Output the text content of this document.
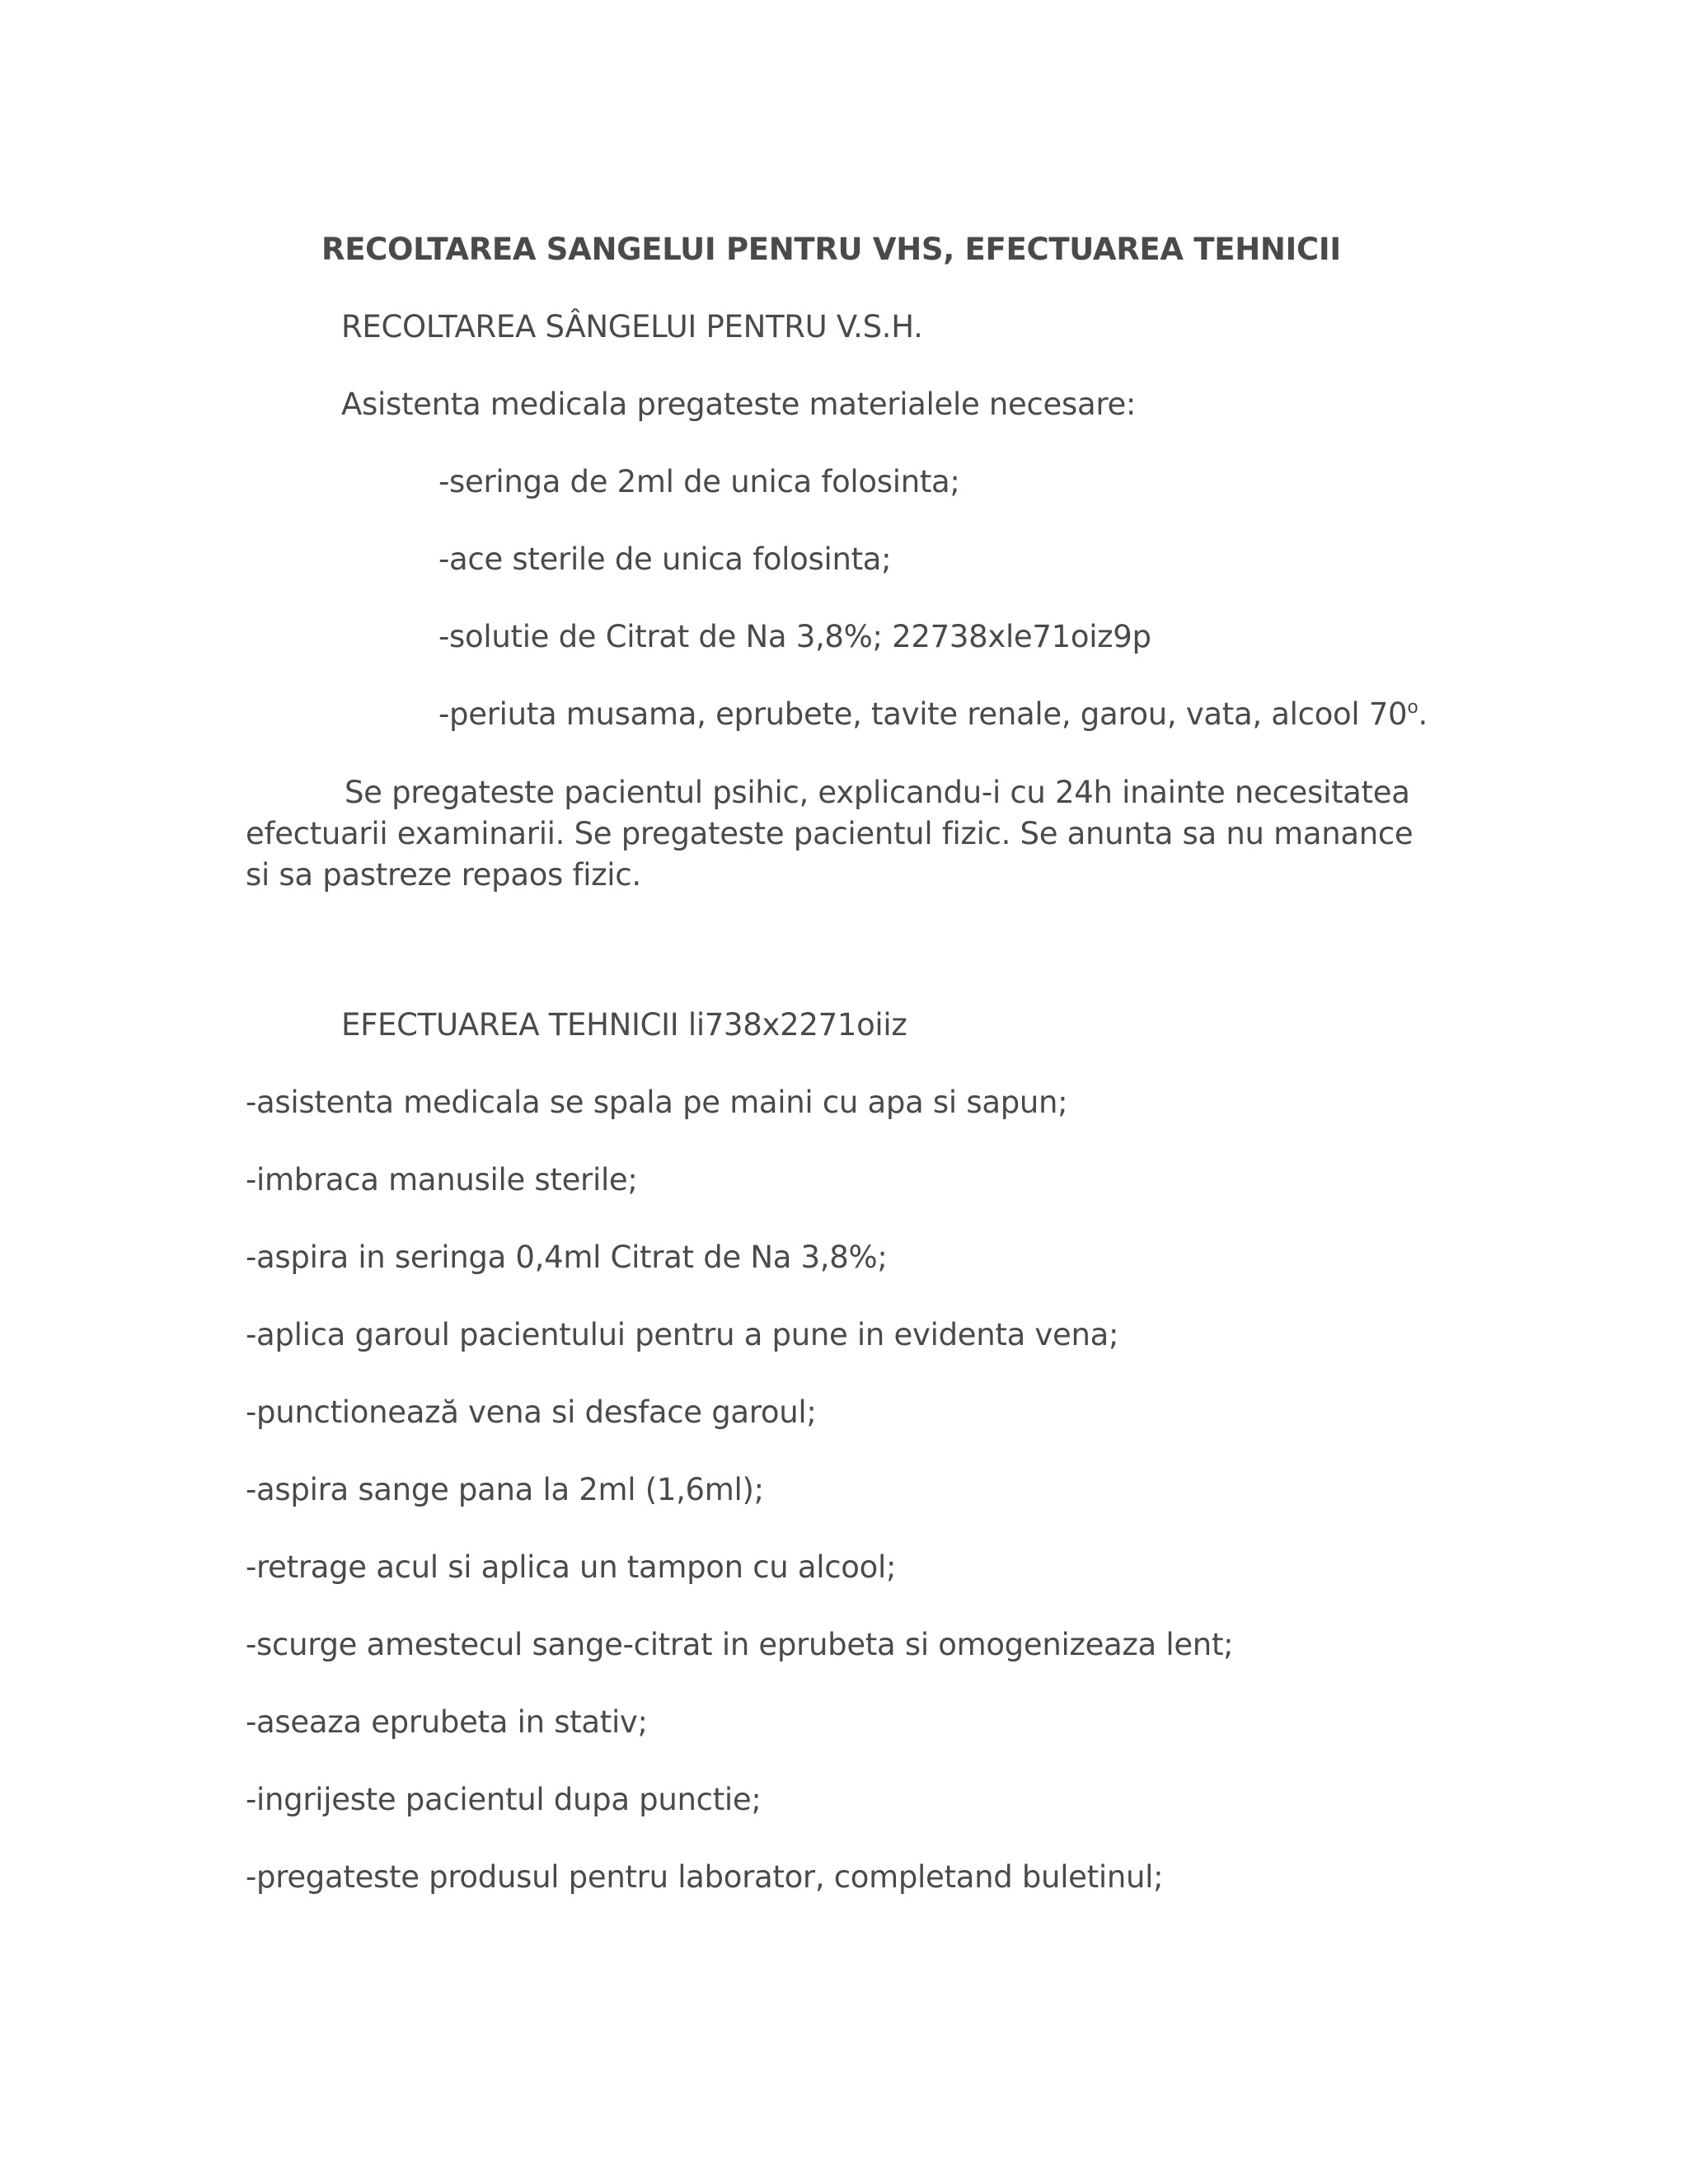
RECOLTAREA SANGELUI PENTRU VHS, EFECTUAREA TEHNICII
RECOLTAREA SÂNGELUI PENTRU V.S.H.
Asistenta medicala pregateste materialele necesare:
-seringa de 2ml de unica folosinta;
-ace sterile de unica folosinta;
-solutie de Citrat de Na 3,8%; 22738xle71oiz9p
-periuta musama, eprubete, tavite renale, garou, vata, alcool 70$^o$.
Se pregateste pacientul psihic, explicandu-i cu 24h inainte necesitatea efectuarii examinarii. Se pregateste pacientul fizic. Se anunta sa nu manance si sa pastreze repaos fizic.
EFECTUAREA TEHNICII li738x2271oiiz
-asistenta medicala se spala pe maini cu apa si sapun;
-imbraca manusile sterile;
-aspira in seringa 0,4ml Citrat de Na 3,8%;
-aplica garoul pacientului pentru a pune in evidenta vena;
-punctionează vena si desface garoul;
-aspira sange pana la 2ml (1,6ml);
-retrage acul si aplica un tampon cu alcool;
-scurge amestecul sange-citrat in eprubeta si omogenizeaza lent;
-aseaza eprubeta in stativ;
-ingrijeste pacientul dupa punctie;
-pregateste produsul pentru laborator, completand buletinul;
